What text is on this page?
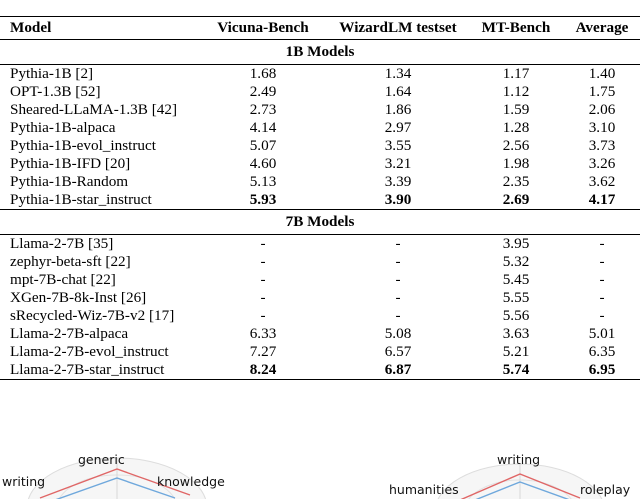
Model	Vicuna-Bench	WizardLM testset	MT-Bench	Average
1B Models				
Pythia-1B [2]	1.68	1.34	1.17	1.40
OPT-1.3B [52]	2.49	1.64	1.12	1.75
Sheared-LLaMA-1.3B [42]	2.73	1.86	1.59	2.06
Pythia-1B-alpaca	4.14	2.97	1.28	3.10
Pythia-1B-evol_instruct	5.07	3.55	2.56	3.73
Pythia-1B-IFD [20]	4.60	3.21	1.98	3.26
Pythia-1B-Random	5.13	3.39	2.35	3.62
Pythia-1B-star_instruct	5.93	3.90	2.69	4.17
7B Models				
Llama-2-7B [35]	-	-	3.95	-
zephyr-beta-sft [22]	-	-	5.32	-
mpt-7B-chat [22]	-	-	5.45	-
XGen-7B-8k-Inst [26]	-	-	5.55	-
sRecycled-Wiz-7B-v2 [17]	-	-	5.56	-
Llama-2-7B-alpaca	6.33	5.08	3.63	5.01
Llama-2-7B-evol_instruct	7.27	6.57	5.21	6.35
Llama-2-7B-star_instruct	8.24	6.87	5.74	6.95
generic
writing	knowledge
writing
humanities	roleplay
